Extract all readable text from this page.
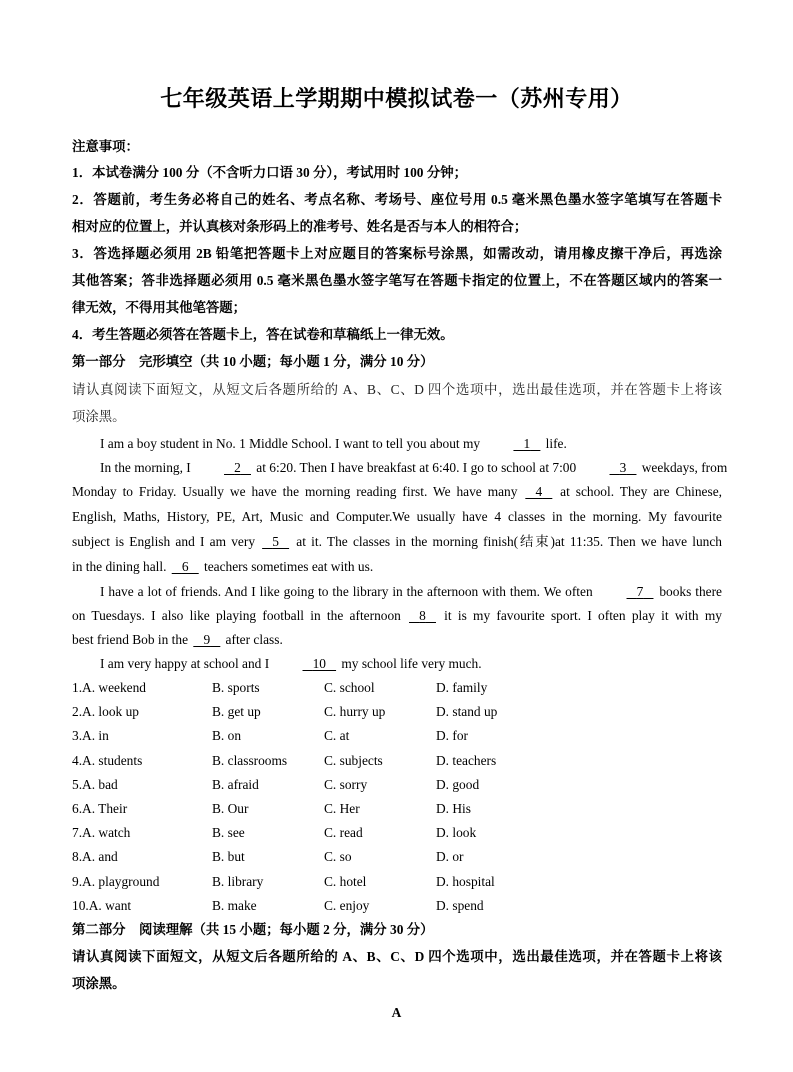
七年级英语上学期期中模拟试卷一（苏州专用）
注意事项：
1．本试卷满分 100 分（不含听力口语 30 分），考试用时 100 分钟；
2．答题前，考生务必将自己的姓名、考点名称、考场号、座位号用 0.5 毫米黑色墨水签字笔填写在答题卡
相对应的位置上，并认真核对条形码上的准考号、姓名是否与本人的相符合；
3．答选择题必须用 2B 铅笔把答题卡上对应题目的答案标号涂黑，如需改动，请用橡皮擦干净后，再选涂
其他答案；答非选择题必须用 0.5 毫米黑色墨水签字笔写在答题卡指定的位置上，不在答题区域内的答案一
律无效，不得用其他笔答题；
4．考生答题必须答在答题卡上，答在试卷和草稿纸上一律无效。
第一部分　完形填空（共 10 小题；每小题 1 分，满分 10 分）
请认真阅读下面短文，从短文后各题所给的 A、B、C、D 四个选项中，选出最佳选项，并在答题卡上将该
项涂黑。
I am a boy student in No. 1 Middle School. I want to tell you about my	1 life.
In the morning, I	2 at 6:20. Then I have breakfast at 6:40. I go to school at 7:00	3 weekdays, from
Monday to Friday. Usually we have the morning reading first. We have many 4 at school. They are Chinese,
English, Maths, History, PE, Art, Music and Computer.We usually have 4 classes in the morning. My favourite
subject is English and I am very 5 at it. The classes in the morning finish(结束)at 11:35. Then we have lunch
in the dining hall. 6 teachers sometimes eat with us.
I have a lot of friends. And I like going to the library in the afternoon with them. We often	7 books there
on Tuesdays. I also like playing football in the afternoon 8 it is my favourite sport. I often play it with my
best friend Bob in the 9 after class.
I am very happy at school and I	10 my school life very much.
1.A. weekend	B. sports	C. school	D. family
2.A. look up	B. get up	C. hurry up	D. stand up
3.A. in	B. on	C. at	D. for
4.A. students	B. classrooms	C. subjects	D. teachers
5.A. bad	B. afraid	C. sorry	D. good
6.A. Their	B. Our	C. Her	D. His
7.A. watch	B. see	C. read	D. look
8.A. and	B. but	C. so	D. or
9.A. playground	B. library	C. hotel	D. hospital
10.A. want	B. make	C. enjoy	D. spend
第二部分　阅读理解（共 15 小题；每小题 2 分，满分 30 分）
请认真阅读下面短文，从短文后各题所给的 A、B、C、D 四个选项中，选出最佳选项，并在答题卡上将该
项涂黑。
A
